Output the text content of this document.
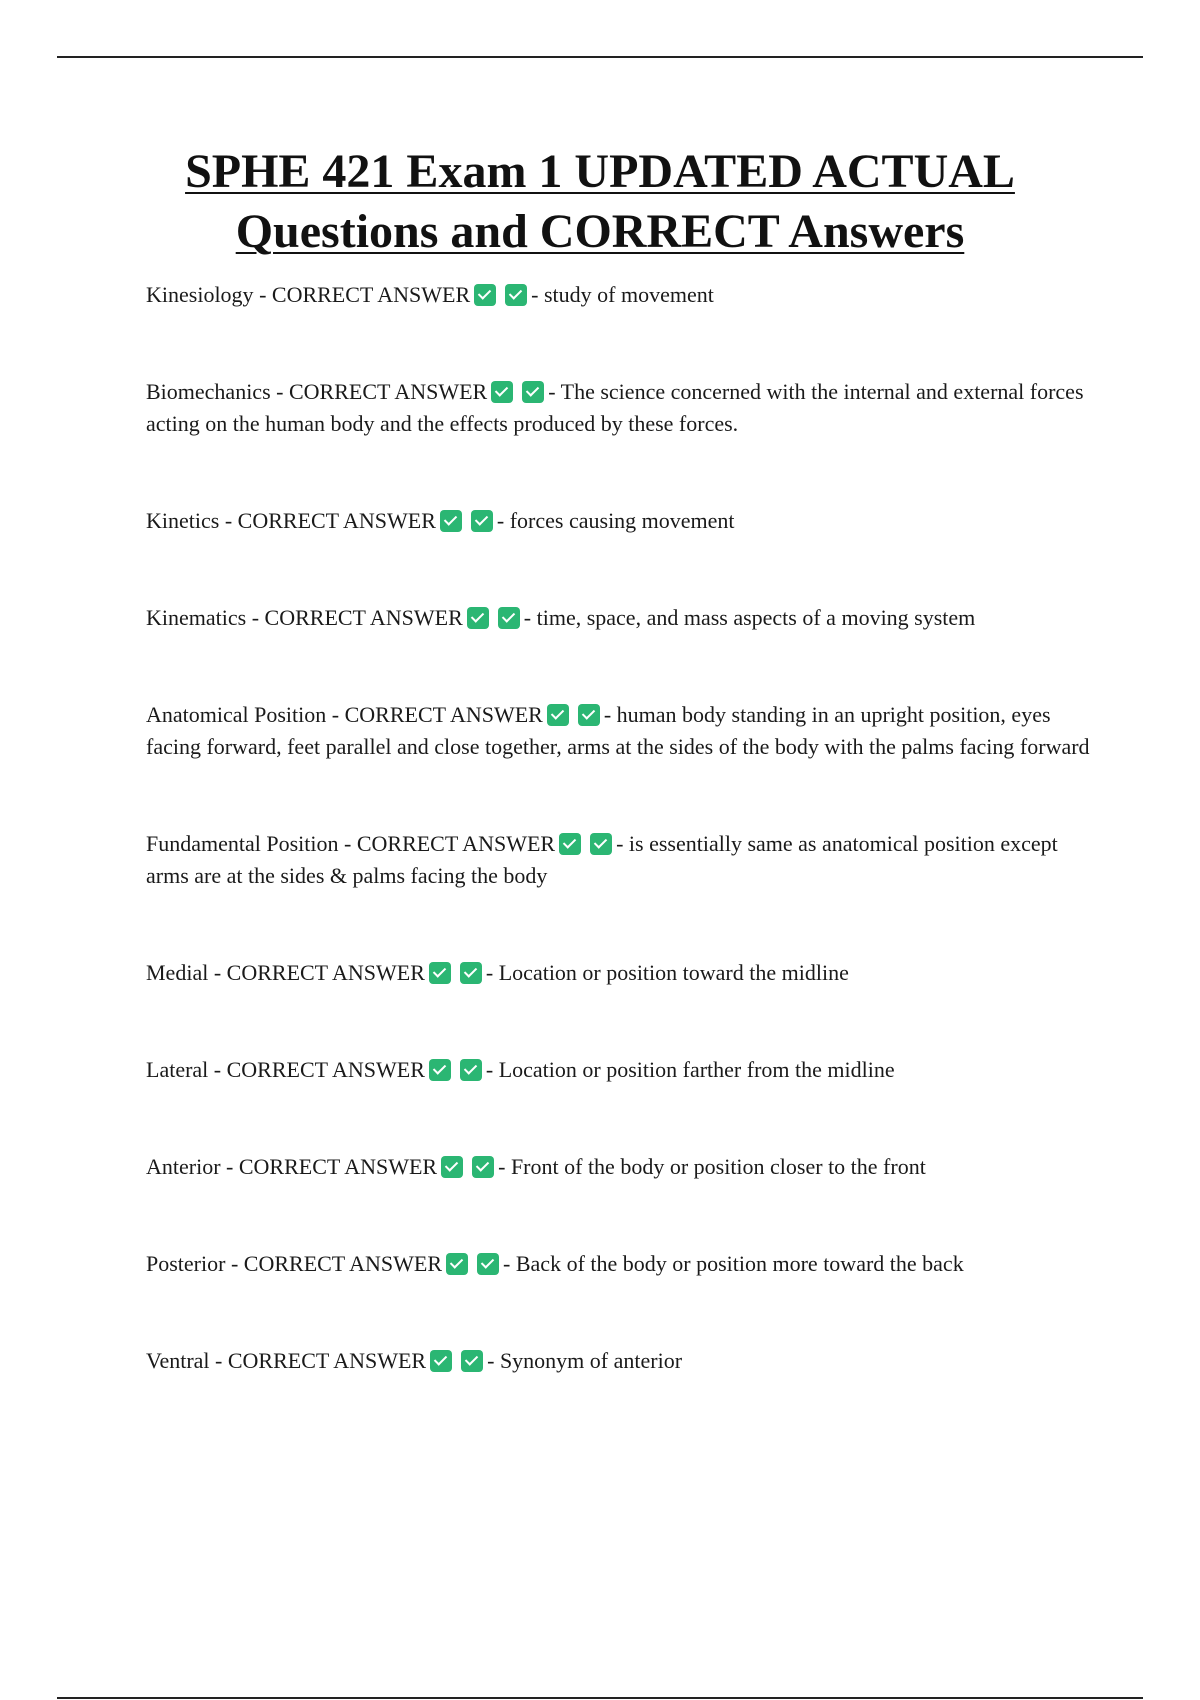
SPHE 421 Exam 1 UPDATED ACTUAL
Questions and CORRECT Answers

Kinesiology - CORRECT ANSWER	- study of movement

Biomechanics - CORRECT ANSWER	- The science concerned with the internal and external forces acting on the human body and the effects produced by these forces.

Kinetics - CORRECT ANSWER	- forces causing movement

Kinematics - CORRECT ANSWER	- time, space, and mass aspects of a moving system

Anatomical Position - CORRECT ANSWER	- human body standing in an upright position, eyes facing forward, feet parallel and close together, arms at the sides of the body with the palms facing forward

Fundamental Position - CORRECT ANSWER	- is essentially same as anatomical position except arms are at the sides & palms facing the body

Medial - CORRECT ANSWER	- Location or position toward the midline

Lateral - CORRECT ANSWER	- Location or position farther from the midline

Anterior - CORRECT ANSWER	- Front of the body or position closer to the front

Posterior - CORRECT ANSWER	- Back of the body or position more toward the back

Ventral - CORRECT ANSWER	- Synonym of anterior
